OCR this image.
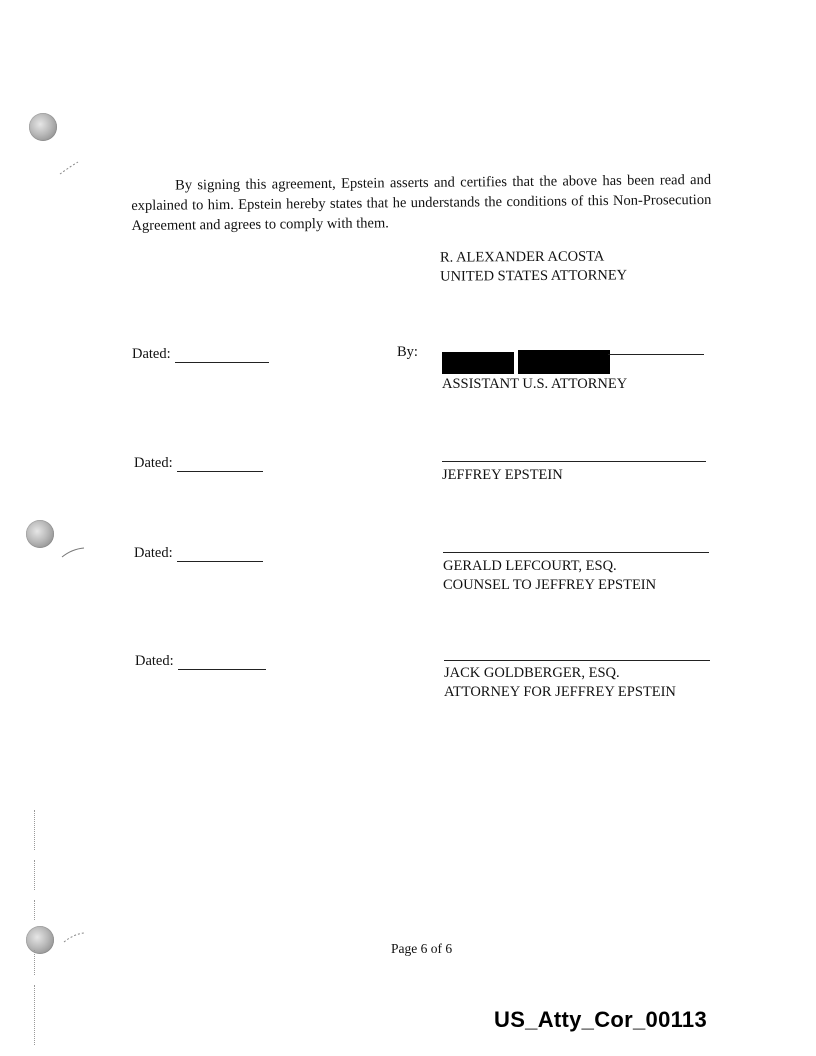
By signing this agreement, Epstein asserts and certifies that the above has been read and explained to him. Epstein hereby states that he understands the conditions of this Non-Prosecution Agreement and agrees to comply with them.
R. ALEXANDER ACOSTA
UNITED STATES ATTORNEY
Dated:	By:
ASSISTANT U.S. ATTORNEY
Dated:
JEFFREY EPSTEIN
Dated:
GERALD LEFCOURT, ESQ.
COUNSEL TO JEFFREY EPSTEIN
Dated:
JACK GOLDBERGER, ESQ.
ATTORNEY FOR JEFFREY EPSTEIN
Page 6 of 6
US_Atty_Cor_00113
